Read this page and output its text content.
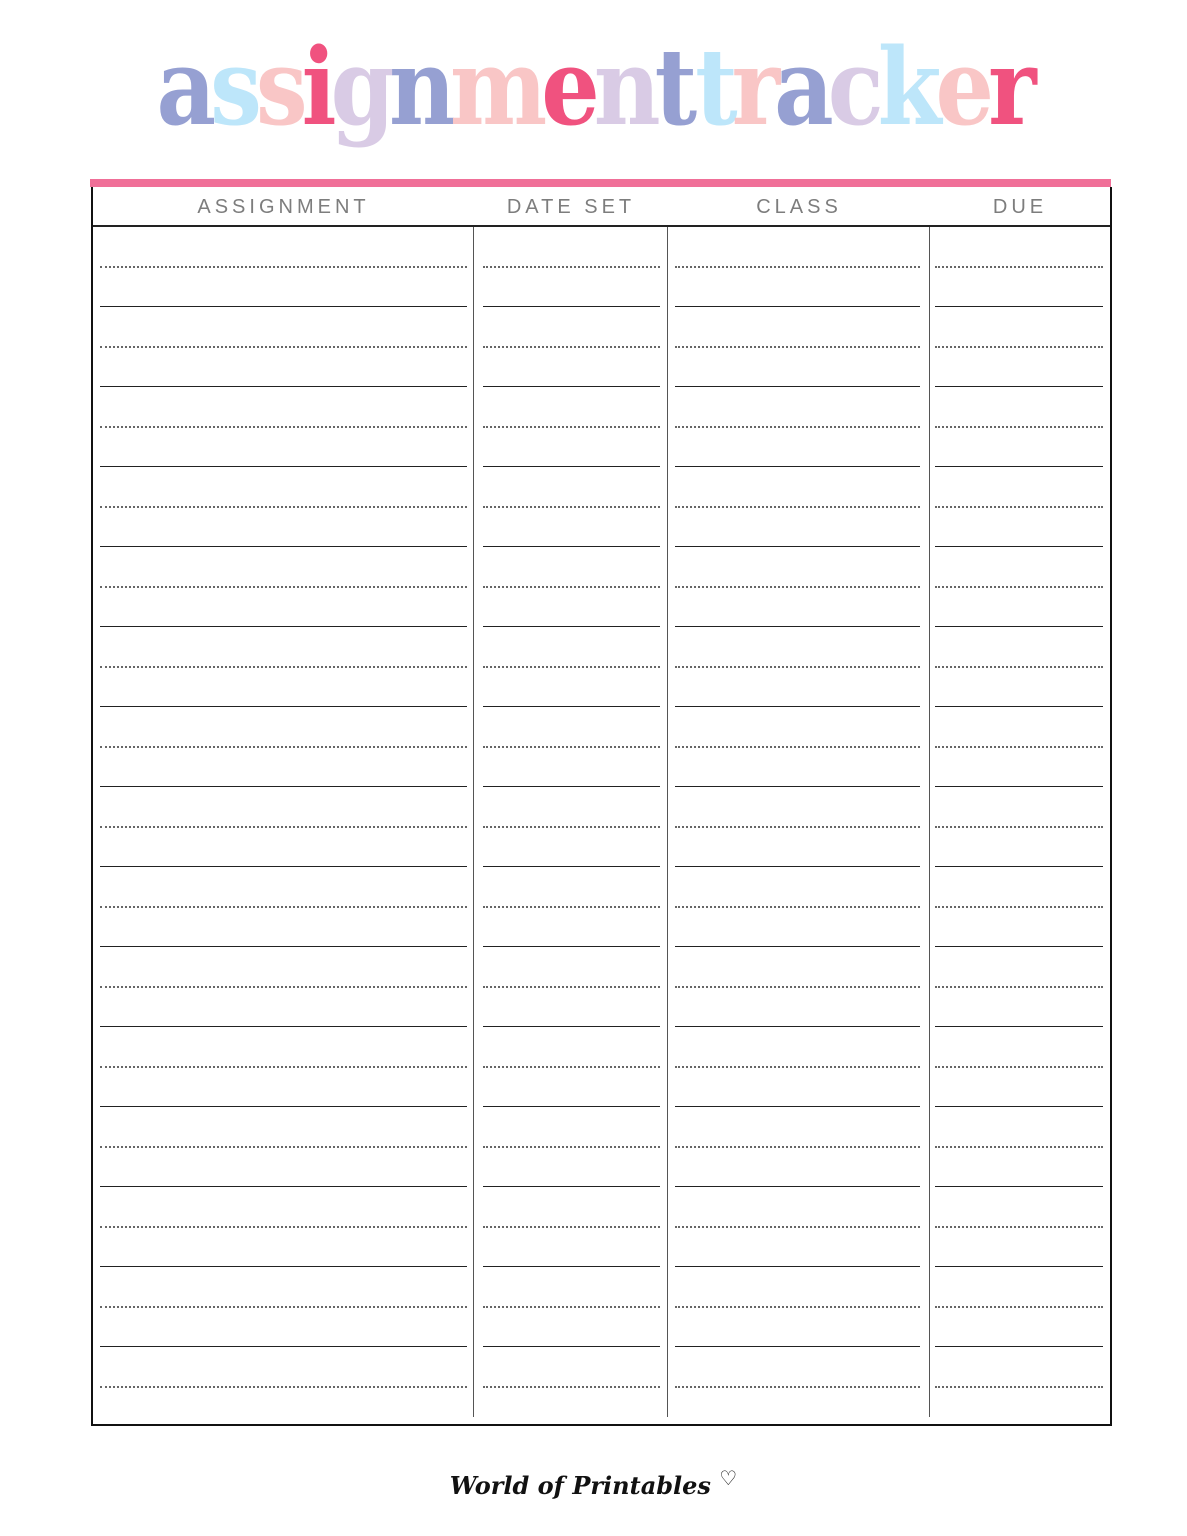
assignment tracker
ASSIGNMENT	DATE SET	CLASS	DUE
World of Printables ♡
